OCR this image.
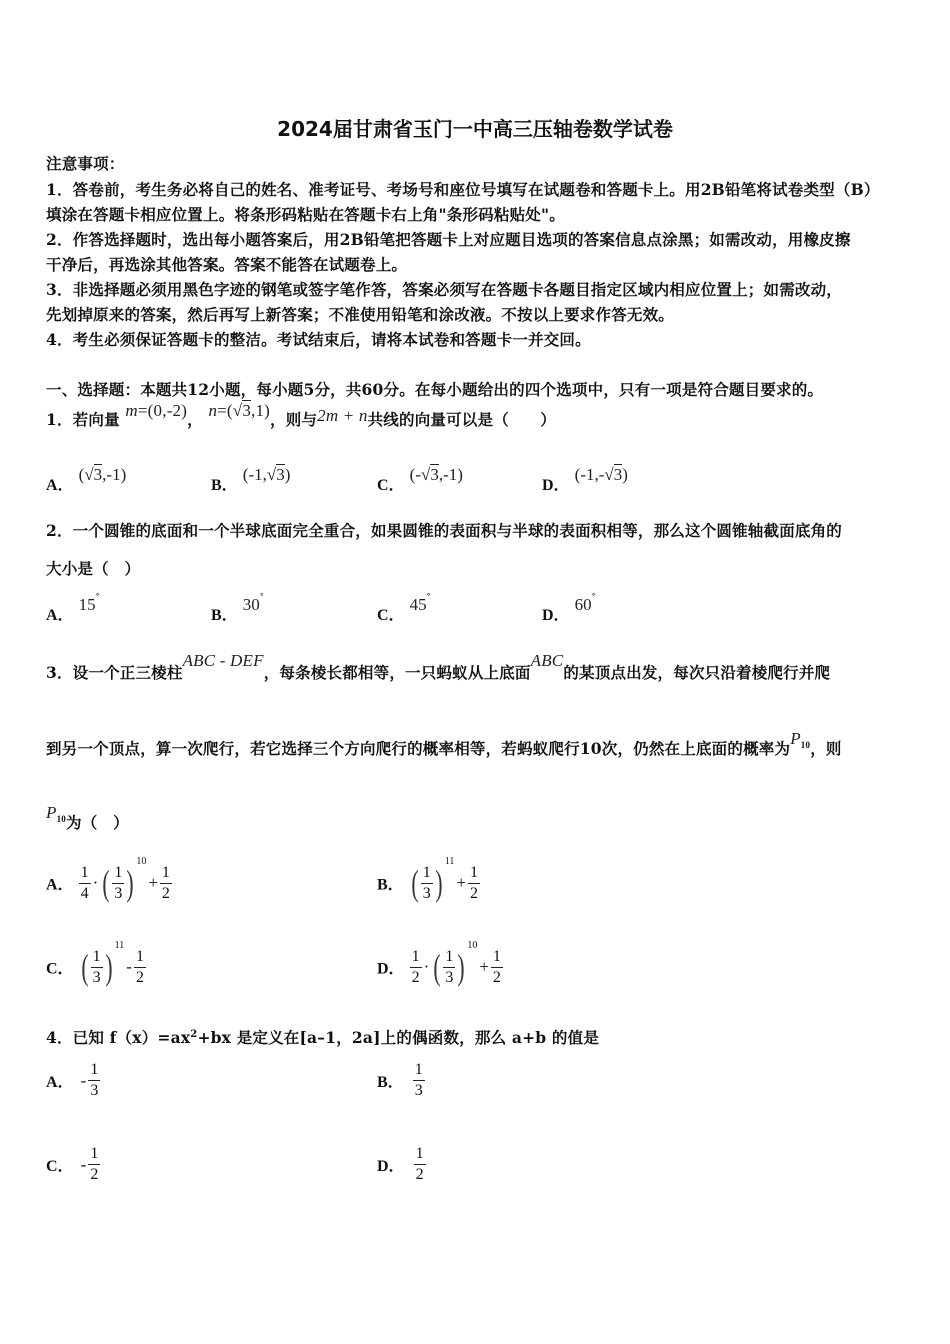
2024届甘肃省玉门一中高三压轴卷数学试卷
注意事项：
1．答卷前，考生务必将自己的姓名、准考证号、考场号和座位号填写在试题卷和答题卡上。用2B铅笔将试卷类型（B）
填涂在答题卡相应位置上。将条形码粘贴在答题卡右上角"条形码粘贴处"。
2．作答选择题时，选出每小题答案后，用2B铅笔把答题卡上对应题目选项的答案信息点涂黑；如需改动，用橡皮擦
干净后，再选涂其他答案。答案不能答在试题卷上。
3．非选择题必须用黑色字迹的钢笔或签字笔作答，答案必须写在答题卡各题目指定区域内相应位置上；如需改动，
先划掉原来的答案，然后再写上新答案；不准使用铅笔和涂改液。不按以上要求作答无效。
4．考生必须保证答题卡的整洁。考试结束后，请将本试卷和答题卡一并交回。
一、选择题：本题共12小题，每小题5分，共60分。在每小题给出的四个选项中，只有一项是符合题目要求的。
1．若向量 m=(0,-2)， n=(√3,1)，则与2m + n共线的向量可以是（　　）
A． (√3,-1)
B． (-1,√3)
C． (-√3,-1)
D． (-1,-√3)
2．一个圆锥的底面和一个半球底面完全重合，如果圆锥的表面积与半球的表面积相等，那么这个圆锥轴截面底角的
大小是（　）
A． 15°
B． 30°
C． 45°
D． 60°
3．设一个正三棱柱ABC - DEF，每条棱长都相等，一只蚂蚁从上底面ABC的某顶点出发，每次只沿着棱爬行并爬
到另一个顶点，算一次爬行，若它选择三个方向爬行的概率相等，若蚂蚁爬行10次，仍然在上底面的概率为$P_{10}$，则
$P_{10}$为（　）
A． $\frac{1}{4}$ · ( $\frac{1}{3} )^{10}+ \frac{1}{2}$	B． ( $\frac{1}{3} )^{11}+ \frac{1}{2}$
C． ( $\frac{1}{3} )^{11}- \frac{1}{2}$	D． $\frac{1}{2}$ · ( $\frac{1}{3} )^{10}+ \frac{1}{2}$
4．已知 $f(x)=ax^2+bx$ 是定义在[a–1，2a]上的偶函数，那么 a+b 的值是
A． - $\frac{1}{3}$	B． $\frac{1}{3}$
C． - $\frac{1}{2}$	D． $\frac{1}{2}$
